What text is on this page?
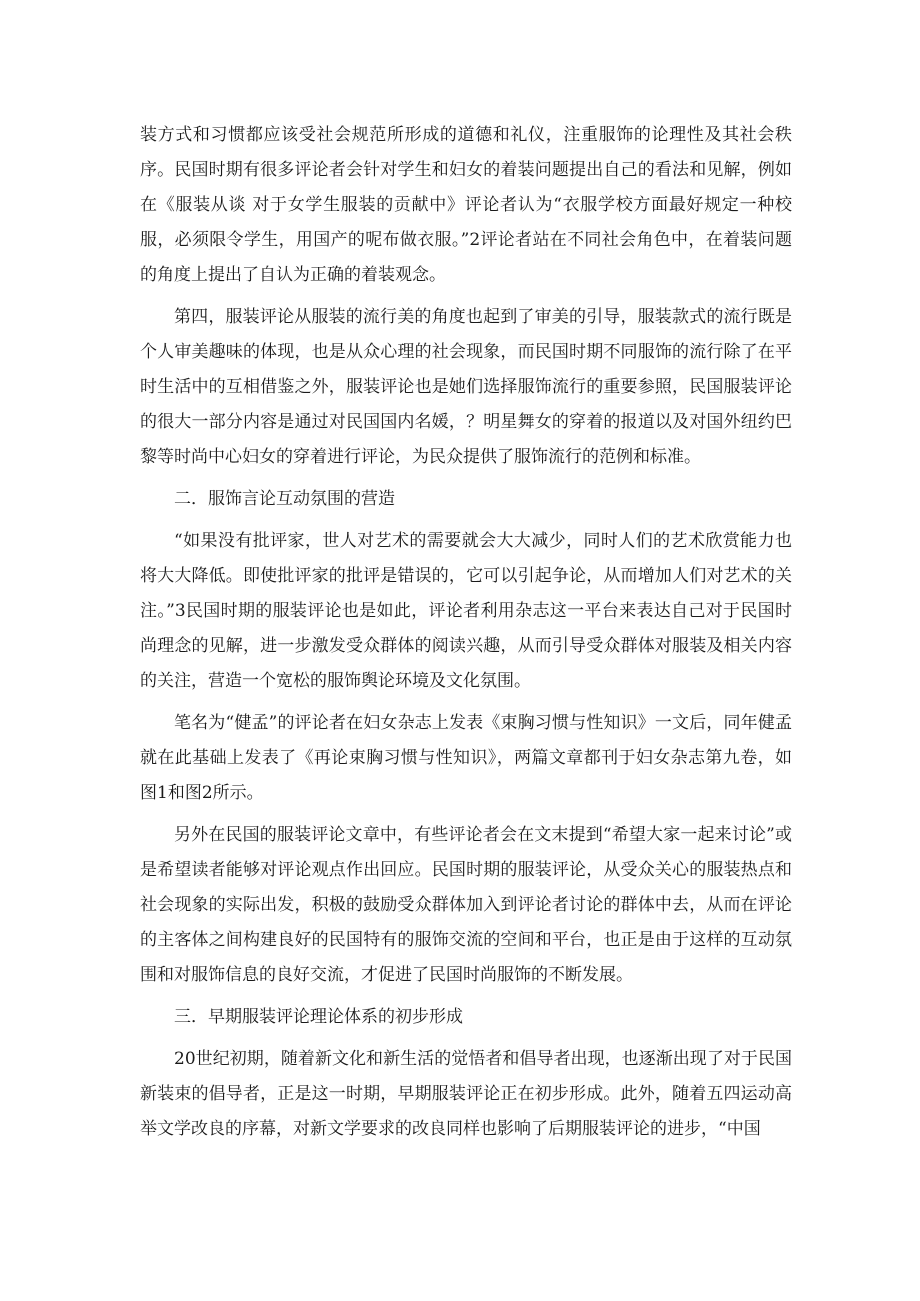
装方式和习惯都应该受社会规范所形成的道德和礼仪，注重服饰的论理性及其社会秩序。民国时期有很多评论者会针对学生和妇女的着装问题提出自己的看法和见解，例如在《服装从谈 对于女学生服装的贡献中》评论者认为“衣服学校方面最好规定一种校服，必须限令学生，用国产的呢布做衣服。”2评论者站在不同社会角色中，在着装问题的角度上提出了自认为正确的着装观念。

第四，服装评论从服装的流行美的角度也起到了审美的引导，服装款式的流行既是个人审美趣味的体现，也是从众心理的社会现象，而民国时期不同服饰的流行除了在平时生活中的互相借鉴之外，服装评论也是她们选择服饰流行的重要参照，民国服装评论的很大一部分内容是通过对民国国内名媛，？明星舞女的穿着的报道以及对国外纽约巴黎等时尚中心妇女的穿着进行评论，为民众提供了服饰流行的范例和标准。

二．服饰言论互动氛围的营造

“如果没有批评家，世人对艺术的需要就会大大减少，同时人们的艺术欣赏能力也将大大降低。即使批评家的批评是错误的，它可以引起争论，从而增加人们对艺术的关注。”3民国时期的服装评论也是如此，评论者利用杂志这一平台来表达自己对于民国时尚理念的见解，进一步激发受众群体的阅读兴趣，从而引导受众群体对服装及相关内容的关注，营造一个宽松的服饰舆论环境及文化氛围。

笔名为“健孟”的评论者在妇女杂志上发表《束胸习惯与性知识》一文后，同年健孟就在此基础上发表了《再论束胸习惯与性知识》，两篇文章都刊于妇女杂志第九卷，如图1和图2所示。

另外在民国的服装评论文章中，有些评论者会在文末提到“希望大家一起来讨论”或是希望读者能够对评论观点作出回应。民国时期的服装评论，从受众关心的服装热点和社会现象的实际出发，积极的鼓励受众群体加入到评论者讨论的群体中去，从而在评论的主客体之间构建良好的民国特有的服饰交流的空间和平台，也正是由于这样的互动氛围和对服饰信息的良好交流，才促进了民国时尚服饰的不断发展。

三．早期服装评论理论体系的初步形成

20世纪初期，随着新文化和新生活的觉悟者和倡导者出现，也逐渐出现了对于民国新装束的倡导者，正是这一时期，早期服装评论正在初步形成。此外，随着五四运动高举文学改良的序幕，对新文学要求的改良同样也影响了后期服装评论的进步，“中国
